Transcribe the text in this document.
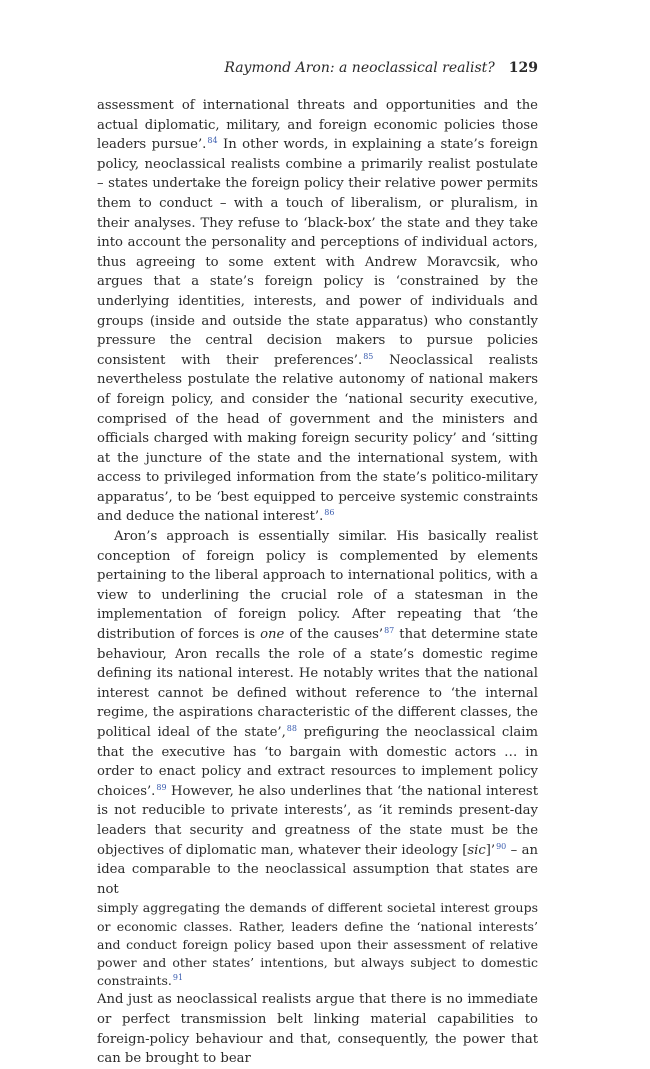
Raymond Aron: a neoclassical realist? 129

assessment of international threats and opportunities and the actual diplomatic, military, and foreign economic policies those leaders pursue’.$^{84}$ In other words, in explaining a state’s foreign policy, neoclassical realists combine a primarily realist postulate – states undertake the foreign policy their relative power permits them to conduct – with a touch of liberalism, or pluralism, in their analyses. They refuse to ‘black-box’ the state and they take into account the personality and perceptions of individual actors, thus agreeing to some extent with Andrew Moravcsik, who argues that a state’s foreign policy is ‘constrained by the underlying identities, interests, and power of individuals and groups (inside and outside the state apparatus) who constantly pressure the central decision makers to pursue policies consistent with their preferences’.$^{85}$ Neoclassical realists nevertheless postulate the relative autonomy of national makers of foreign policy, and consider the ‘national security executive, comprised of the head of government and the ministers and officials charged with making foreign security policy’ and ‘sitting at the juncture of the state and the international system, with access to privileged information from the state’s politico-military apparatus’, to be ‘best equipped to perceive systemic constraints and deduce the national interest’.$^{86}$

Aron’s approach is essentially similar. His basically realist conception of foreign policy is complemented by elements pertaining to the liberal approach to international politics, with a view to underlining the crucial role of a statesman in the implementation of foreign policy. After repeating that ‘the distribution of forces is one of the causes’$^{87}$ that determine state behaviour, Aron recalls the role of a state’s domestic regime defining its national interest. He notably writes that the national interest cannot be defined without reference to ‘the internal regime, the aspirations characteristic of the different classes, the political ideal of the state’,$^{88}$ prefiguring the neoclassical claim that the executive has ‘to bargain with domestic actors … in order to enact policy and extract resources to implement policy choices’.$^{89}$ However, he also underlines that ‘the national interest is not reducible to private interests’, as ‘it reminds present-day leaders that security and greatness of the state must be the objectives of diplomatic man, whatever their ideology [sic]’$^{90}$ – an idea comparable to the neoclassical assumption that states are not

simply aggregating the demands of different societal interest groups or economic classes. Rather, leaders define the ‘national interests’ and conduct foreign policy based upon their assessment of relative power and other states’ intentions, but always subject to domestic constraints.$^{91}$

And just as neoclassical realists argue that there is no immediate or perfect transmission belt linking material capabilities to foreign-policy behaviour and that, consequently, the power that can be brought to bear
